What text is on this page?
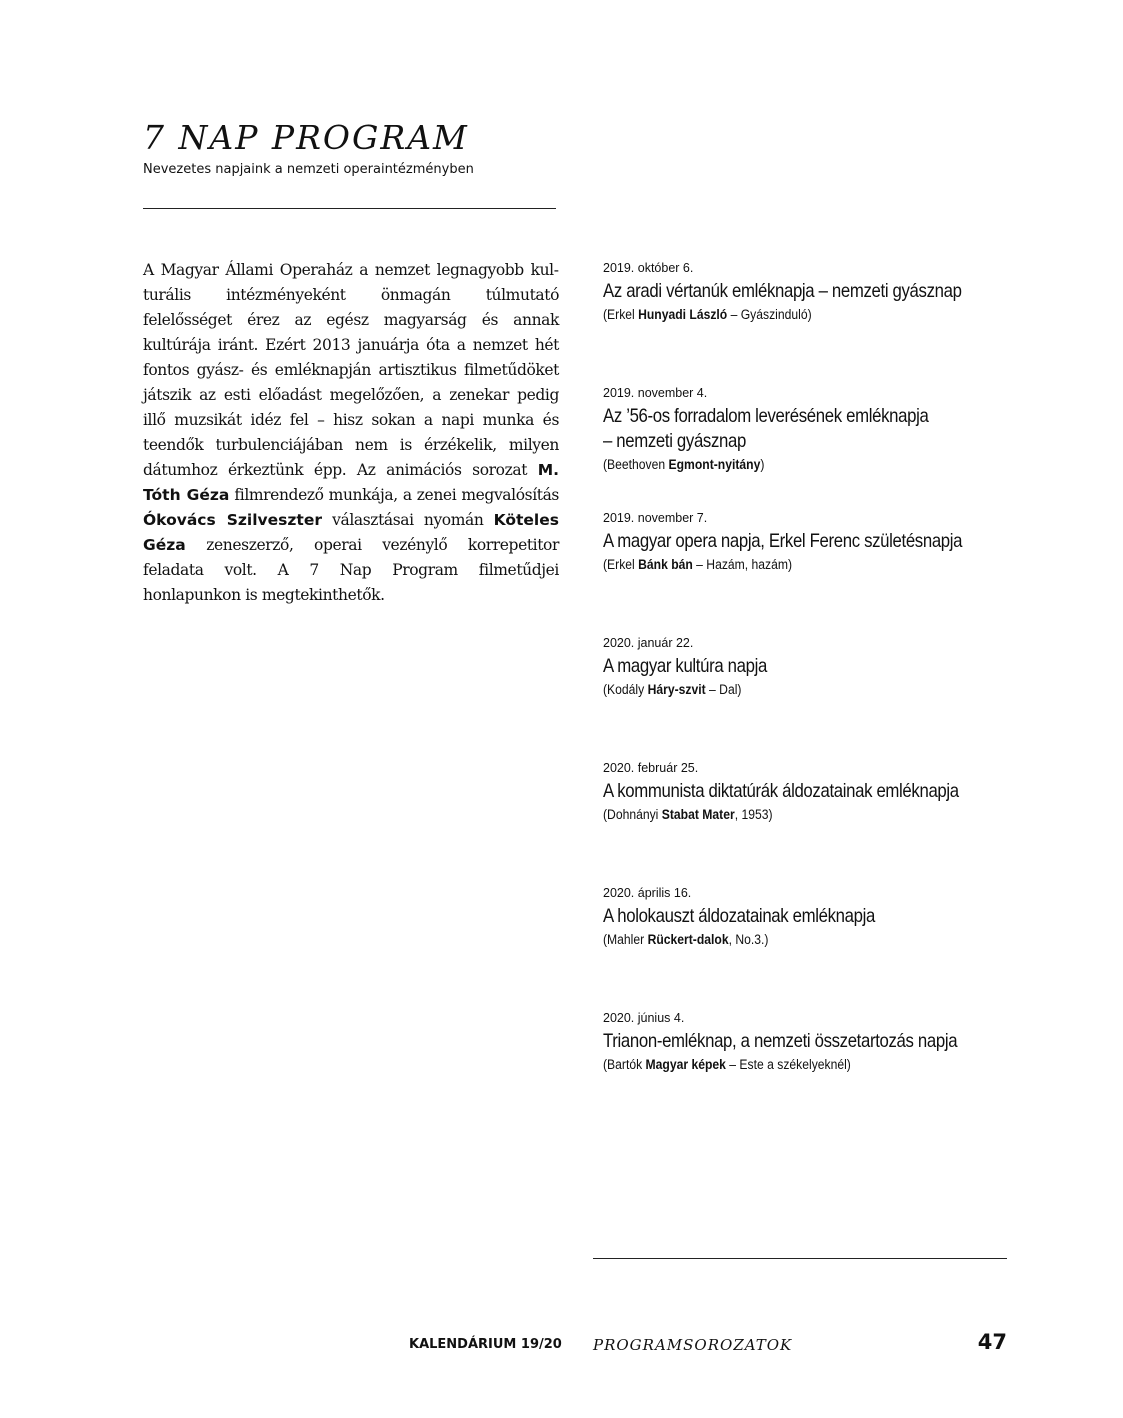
7 NAP PROGRAM
Nevezetes napjaink a nemzeti operaintézményben

A Magyar Állami Operaház a nemzet legnagyobb kulturális intézményeként önmagán túlmutató felelősséget érez az egész magyarság és annak kultúrája iránt. Ezért 2013 januárja óta a nemzet hét fontos gyász- és emléknapján artisztikus filmetűdöket játszik az esti előadást megelőzően, a zenekar pedig illő muzsikát idéz fel – hisz sokan a napi munka és teendők turbulenciájában nem is érzékelik, milyen dátumhoz érkeztünk épp. Az animációs sorozat M. Tóth Géza filmrendező munkája, a zenei megvalósítás Ókovács Szilveszter választásai nyomán Köteles Géza zeneszerző, operai vezénylő korrepetitor feladata volt. A 7 Nap Program filmetűdjei honlapunkon is megtekinthetők.

2019. október 6.
Az aradi vértanúk emléknapja – nemzeti gyásznap
(Erkel Hunyadi László – Gyászinduló)
2019. november 4.
Az ’56-os forradalom leverésének emléknapja
– nemzeti gyásznap
(Beethoven Egmont-nyitány)
2019. november 7.
A magyar opera napja, Erkel Ferenc születésnapja
(Erkel Bánk bán – Hazám, hazám)
2020. január 22.
A magyar kultúra napja
(Kodály Háry-szvit – Dal)
2020. február 25.
A kommunista diktatúrák áldozatainak emléknapja
(Dohnányi Stabat Mater, 1953)
2020. április 16.
A holokauszt áldozatainak emléknapja
(Mahler Rückert-dalok, No.3.)
2020. június 4.
Trianon-emléknap, a nemzeti összetartozás napja
(Bartók Magyar képek – Este a székelyeknél)
KALENDÁRIUM 19/20 PROGRAMSOROZATOK	47
